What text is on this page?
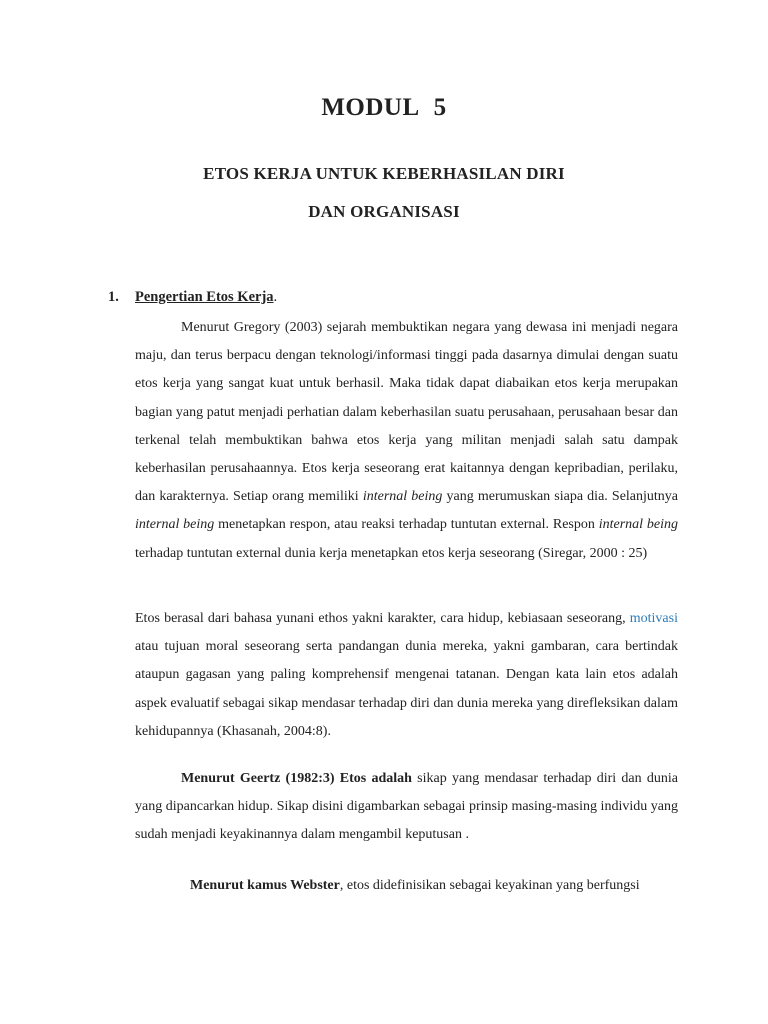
MODUL 5
ETOS KERJA UNTUK KEBERHASILAN DIRI
DAN ORGANISASI
1. Pengertian Etos Kerja.

Menurut Gregory (2003) sejarah membuktikan negara yang dewasa ini menjadi negara maju, dan terus berpacu dengan teknologi/informasi tinggi pada dasarnya dimulai dengan suatu etos kerja yang sangat kuat untuk berhasil. Maka tidak dapat diabaikan etos kerja merupakan bagian yang patut menjadi perhatian dalam keberhasilan suatu perusahaan, perusahaan besar dan terkenal telah membuktikan bahwa etos kerja yang militan menjadi salah satu dampak keberhasilan perusahaannya. Etos kerja seseorang erat kaitannya dengan kepribadian, perilaku, dan karakternya. Setiap orang memiliki internal being yang merumuskan siapa dia. Selanjutnya internal being menetapkan respon, atau reaksi terhadap tuntutan external. Respon internal being terhadap tuntutan external dunia kerja menetapkan etos kerja seseorang (Siregar, 2000 : 25)

Etos berasal dari bahasa yunani ethos yakni karakter, cara hidup, kebiasaan seseorang, motivasi atau tujuan moral seseorang serta pandangan dunia mereka, yakni gambaran, cara bertindak ataupun gagasan yang paling komprehensif mengenai tatanan. Dengan kata lain etos adalah aspek evaluatif sebagai sikap mendasar terhadap diri dan dunia mereka yang direfleksikan dalam kehidupannya (Khasanah, 2004:8).

Menurut Geertz (1982:3) Etos adalah sikap yang mendasar terhadap diri dan dunia yang dipancarkan hidup. Sikap disini digambarkan sebagai prinsip masing-masing individu yang sudah menjadi keyakinannya dalam mengambil keputusan .

Menurut kamus Webster, etos didefinisikan sebagai keyakinan yang berfungsi
